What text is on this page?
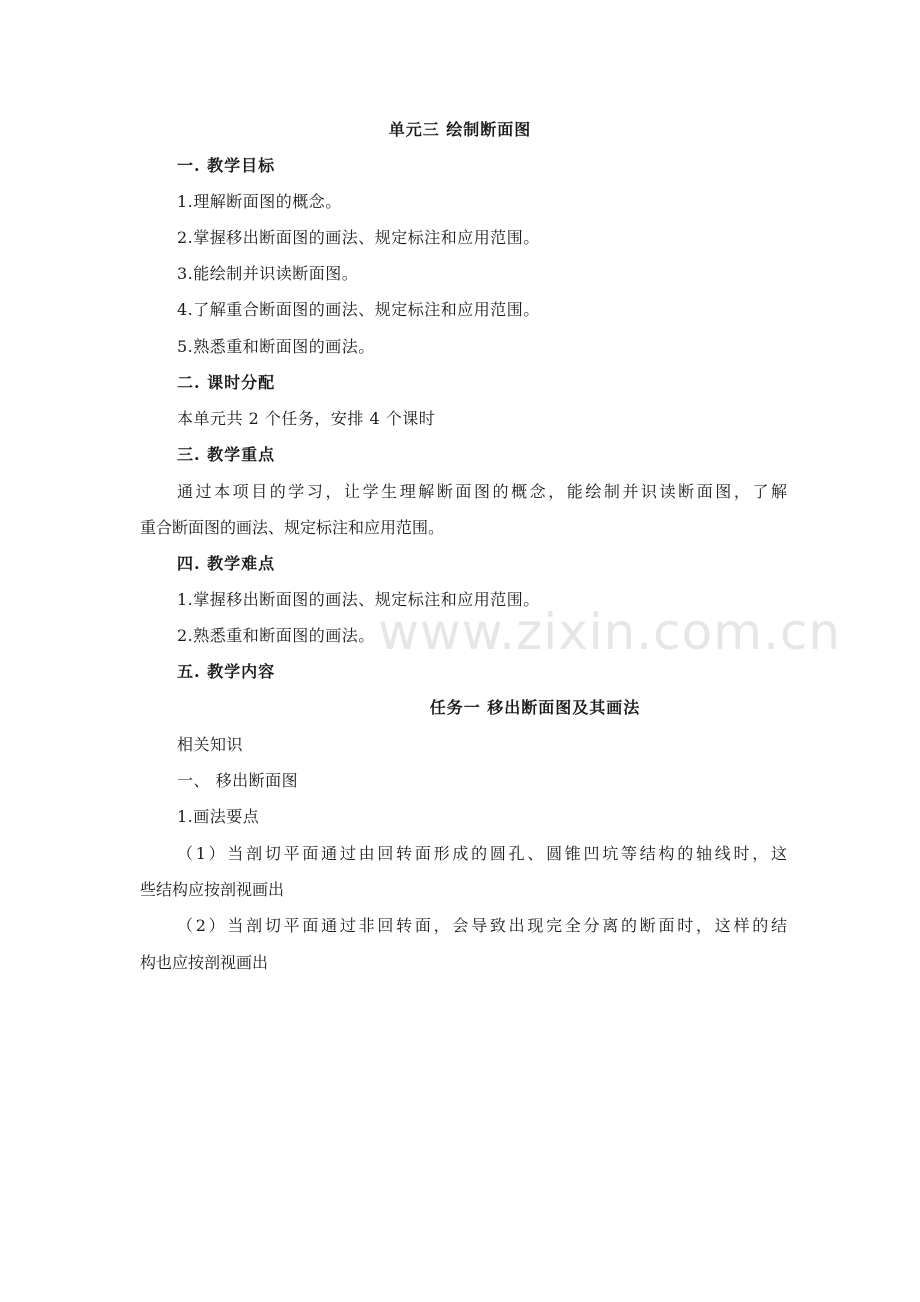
单元三 绘制断面图
一. 教学目标
1.理解断面图的概念。
2.掌握移出断面图的画法、规定标注和应用范围。
3.能绘制并识读断面图。
4.了解重合断面图的画法、规定标注和应用范围。
5.熟悉重和断面图的画法。
二. 课时分配
本单元共 2 个任务，安排 4 个课时
三. 教学重点
通过本项目的学习，让学生理解断面图的概念，能绘制并识读断面图，了解
重合断面图的画法、规定标注和应用范围。
四. 教学难点
1.掌握移出断面图的画法、规定标注和应用范围。
2.熟悉重和断面图的画法。
五. 教学内容
任务一 移出断面图及其画法
相关知识
一、 移出断面图
1.画法要点
（1）当剖切平面通过由回转面形成的圆孔、圆锥凹坑等结构的轴线时，这
些结构应按剖视画出
（2）当剖切平面通过非回转面，会导致出现完全分离的断面时，这样的结
构也应按剖视画出
www.zixin.com.cn
